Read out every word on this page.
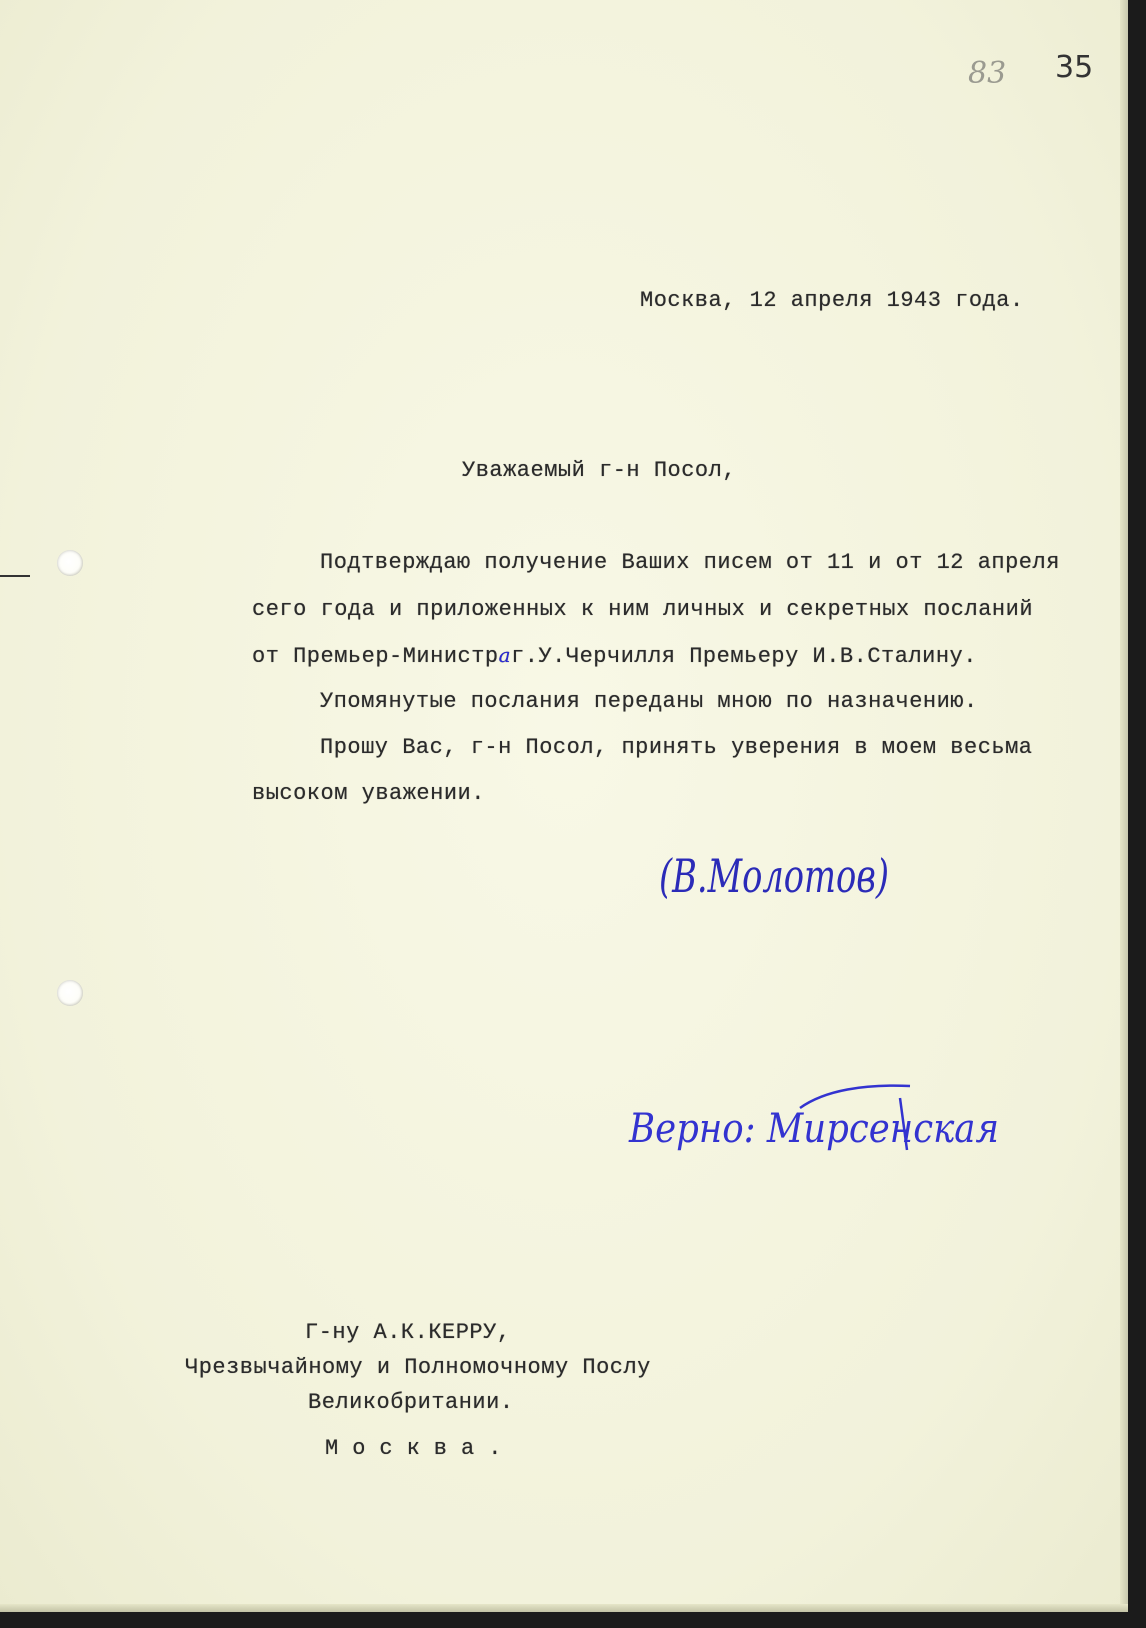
83 35
Москва, 12 апреля 1943 года.
Уважаемый г-н Посол,
Подтверждаю получение Ваших писем от 11 и от 12 апреля
сего года и приложенных к ним личных и секретных посланий
от Премьер-Министраг.У.Черчилля Премьеру И.В.Сталину.
Упомянутые послания переданы мною по назначению.
Прошу Вас, г-н Посол, принять уверения в моем весьма
высоком уважении.
(В.Молотов)
Верно: Мирсенская
Г-ну А.К.КЕРРУ,
Чрезвычайному и Полномочному Послу
Великобритании.
Москва.
